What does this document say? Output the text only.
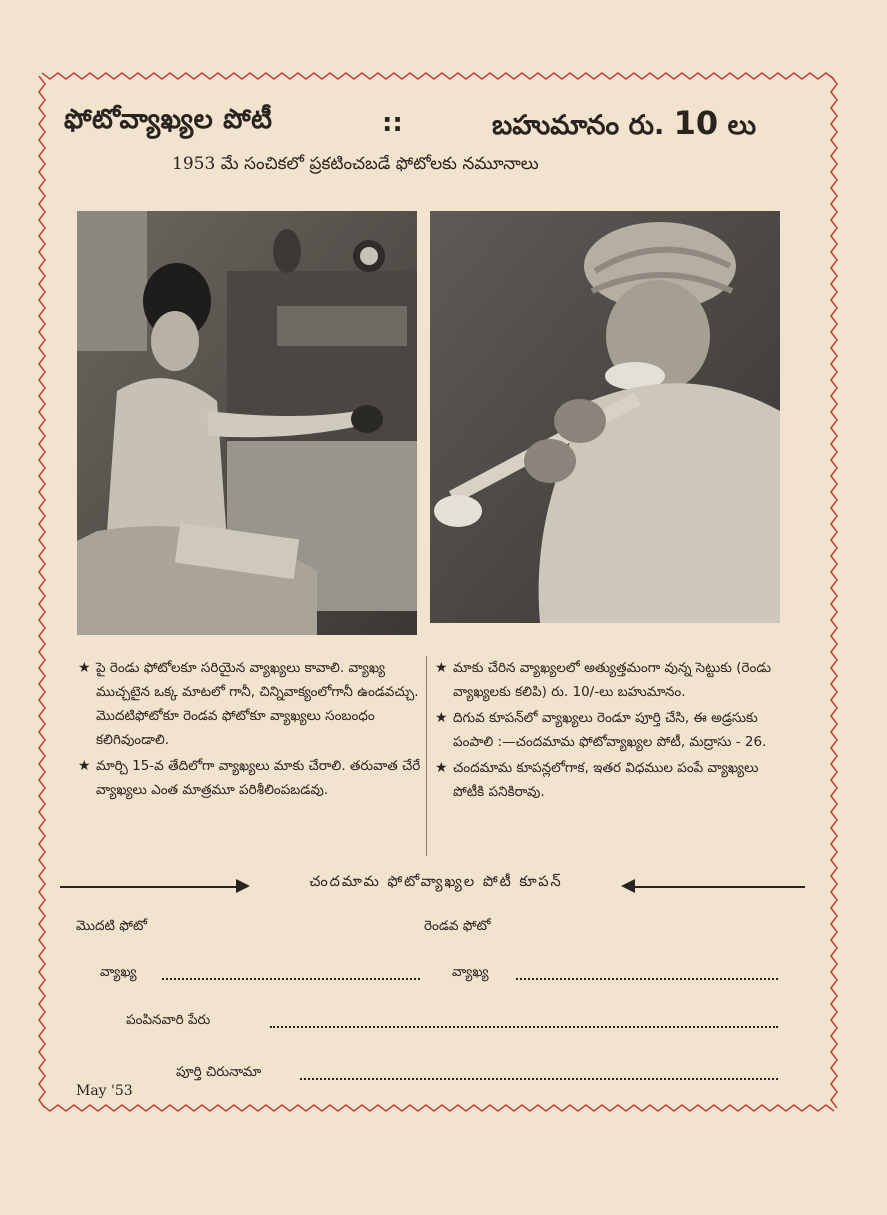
ఫోటోవ్యాఖ్యల పోటీ	::	బహుమానం రు. 10 లు
1953 మే సంచికలో ప్రకటించబడే ఫోటోలకు నమూనాలు
★ పై రెండు ఫోటోలకూ సరియైన వ్యాఖ్యలు కావాలి. వ్యాఖ్య ముచ్చటైన ఒక్క మాటలో గానీ, చిన్నివాక్యంలోగానీ ఉండవచ్చు. మొదటిఫోటోకూ రెండవ ఫోటోకూ వ్యాఖ్యలు సంబంధం కలిగివుండాలి.
★ మార్చి 15-వ తేదిలోగా వ్యాఖ్యలు మాకు చేరాలి. తరువాత చేరే వ్యాఖ్యలు ఎంత మాత్రమూ పరిశీలింపబడవు.
★ మాకు చేరిన వ్యాఖ్యలలో అత్యుత్తమంగా వున్న సెట్టుకు (రెండు వ్యాఖ్యలకు కలిపి) రు. 10/-లు బహుమానం.
★ దిగువ కూపన్‌లో వ్యాఖ్యలు రెండూ పూర్తి చేసి, ఈ అడ్రసుకు పంపాలి :—చందమామ ఫోటోవ్యాఖ్యల పోటీ, మద్రాసు - 26.
★ చందమామ కూపన్లలోగాక, ఇతర విధముల పంపే వ్యాఖ్యలు పోటీకి పనికిరావు.
చందమామ ఫోటోవ్యాఖ్యల పోటీ కూపన్
మొదటి ఫోటో	రెండవ ఫోటో
వ్యాఖ్య	వ్యాఖ్య
పంపినవారి పేరు
పూర్తి చిరునామా
May '53
